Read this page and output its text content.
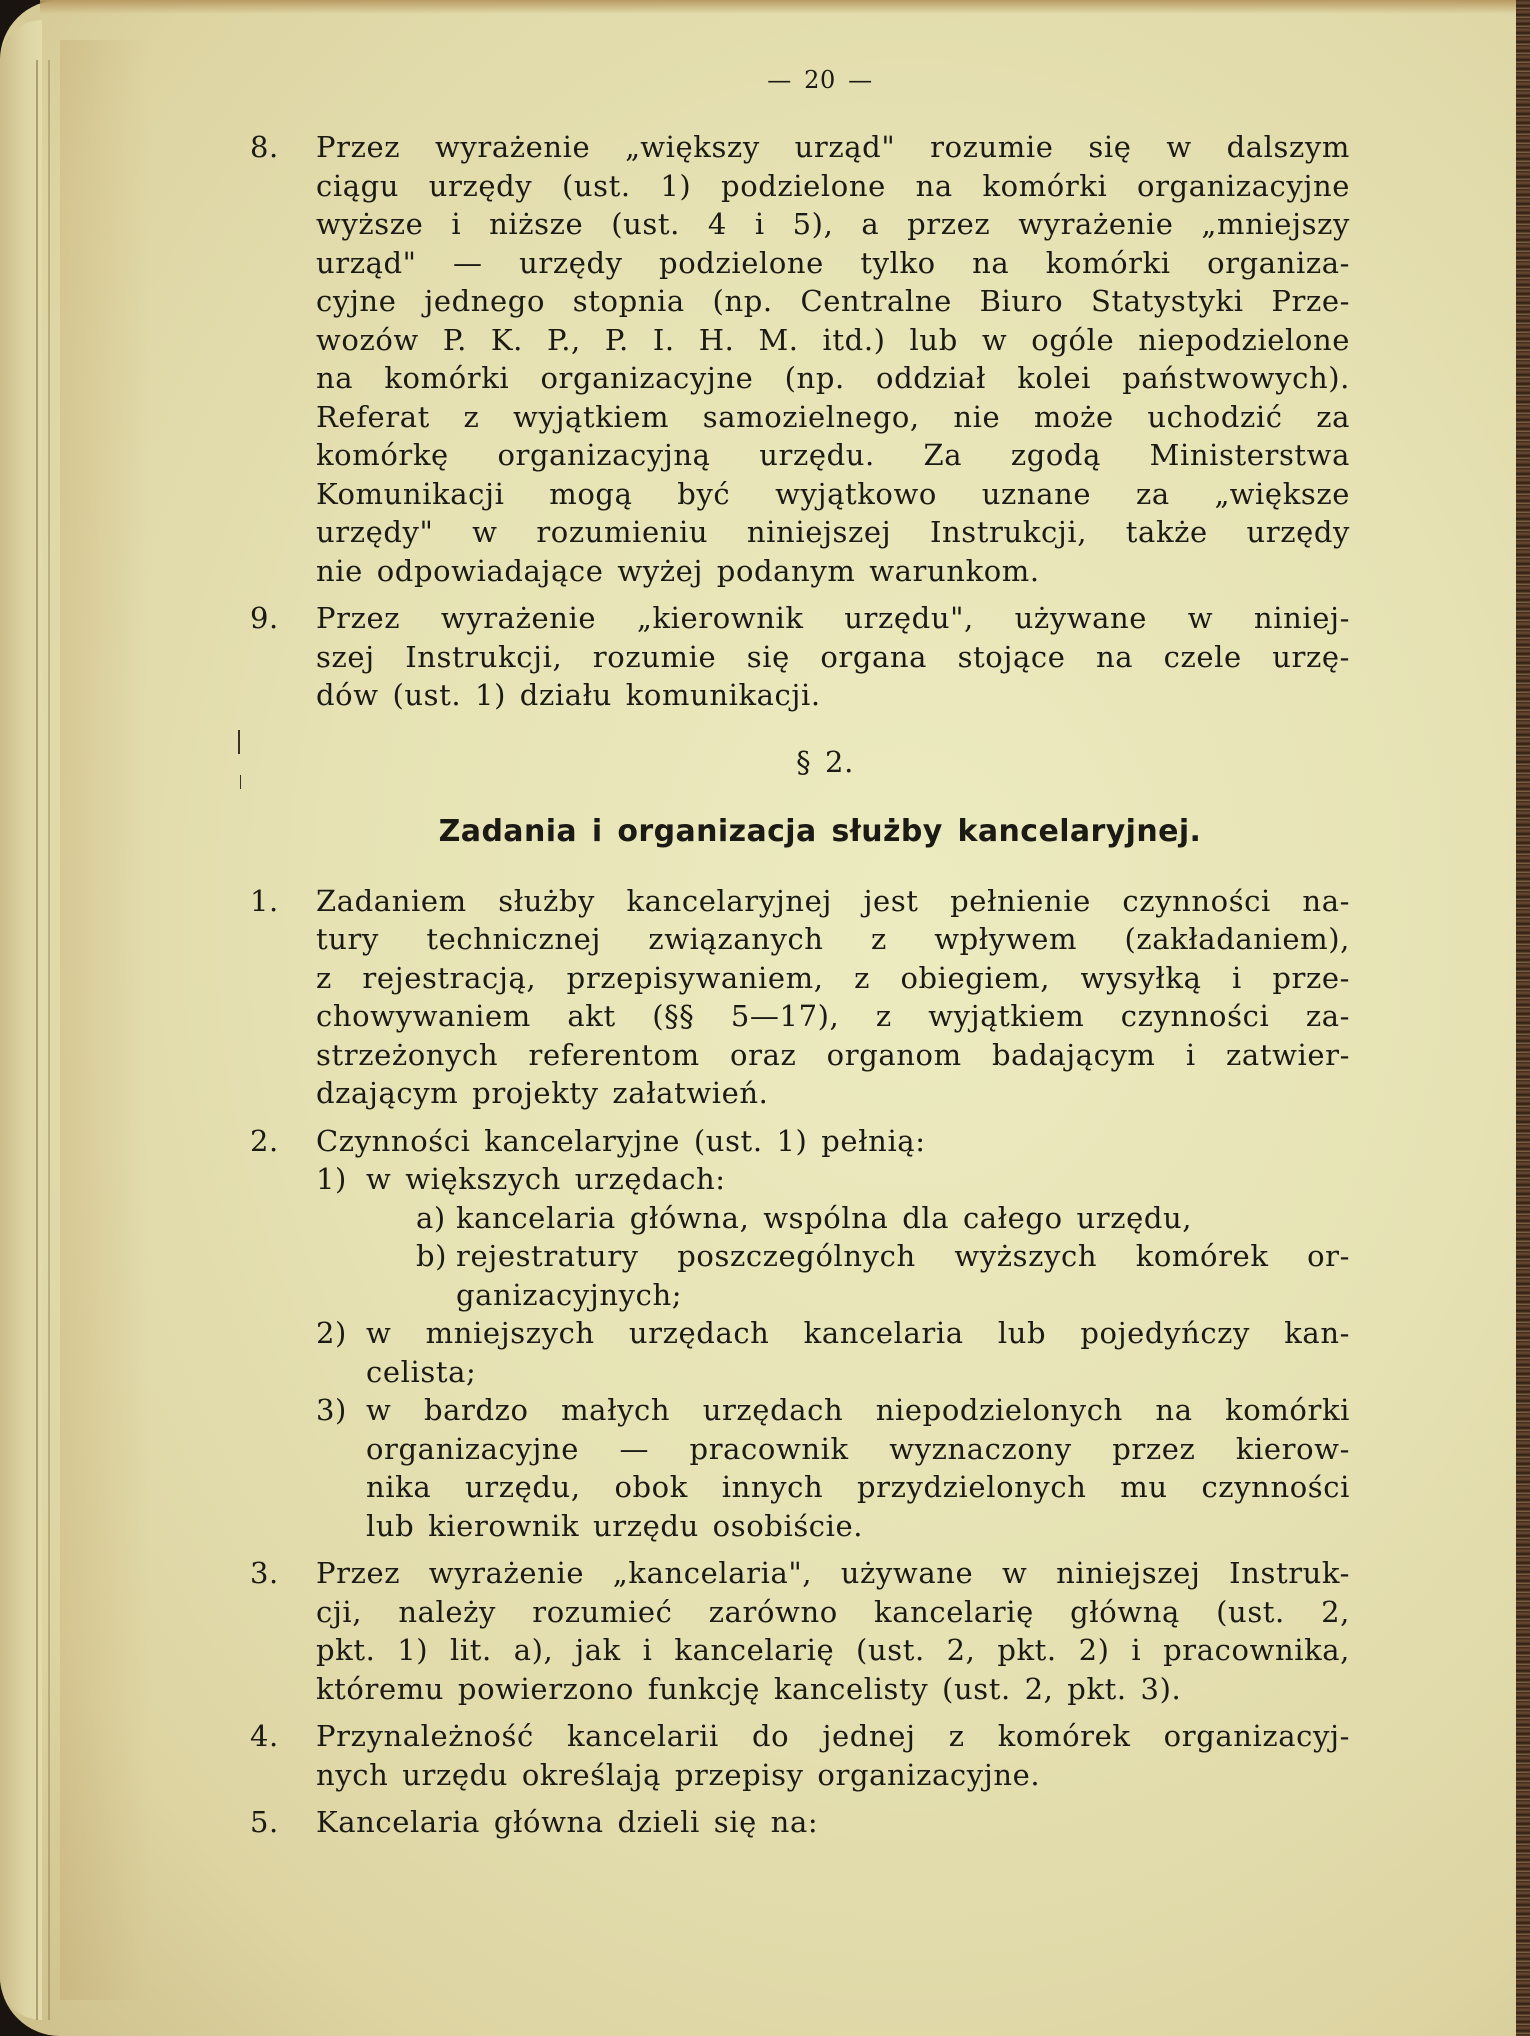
— 20 —
8. Przez wyrażenie „większy urząd" rozumie się w dalszym
ciągu urzędy (ust. 1) podzielone na komórki organizacyjne
wyższe i niższe (ust. 4 i 5), a przez wyrażenie „mniejszy
urząd" — urzędy podzielone tylko na komórki organiza-
cyjne jednego stopnia (np. Centralne Biuro Statystyki Prze-
wozów P. K. P., P. I. H. M. itd.) lub w ogóle niepodzielone
na komórki organizacyjne (np. oddział kolei państwowych).
Referat z wyjątkiem samozielnego, nie może uchodzić za
komórkę organizacyjną urzędu. Za zgodą Ministerstwa
Komunikacji mogą być wyjątkowo uznane za „większe
urzędy" w rozumieniu niniejszej Instrukcji, także urzędy
nie odpowiadające wyżej podanym warunkom.
9. Przez wyrażenie „kierownik urzędu", używane w niniej-
szej Instrukcji, rozumie się organa stojące na czele urzę-
dów (ust. 1) działu komunikacji.
§ 2.
Zadania i organizacja służby kancelaryjnej.
1. Zadaniem służby kancelaryjnej jest pełnienie czynności na-
tury technicznej związanych z wpływem (zakładaniem),
z rejestracją, przepisywaniem, z obiegiem, wysyłką i prze-
chowywaniem akt (§§ 5—17), z wyjątkiem czynności za-
strzeżonych referentom oraz organom badającym i zatwier-
dzającym projekty załatwień.
2. Czynności kancelaryjne (ust. 1) pełnią:
1) w większych urzędach:
a) kancelaria główna, wspólna dla całego urzędu,
b) rejestratury poszczególnych wyższych komórek or-
ganizacyjnych;
2) w mniejszych urzędach kancelaria lub pojedyńczy kan-
celista;
3) w bardzo małych urzędach niepodzielonych na komórki
organizacyjne — pracownik wyznaczony przez kierow-
nika urzędu, obok innych przydzielonych mu czynności
lub kierownik urzędu osobiście.
3. Przez wyrażenie „kancelaria", używane w niniejszej Instruk-
cji, należy rozumieć zarówno kancelarię główną (ust. 2,
pkt. 1) lit. a), jak i kancelarię (ust. 2, pkt. 2) i pracownika,
któremu powierzono funkcję kancelisty (ust. 2, pkt. 3).
4. Przynależność kancelarii do jednej z komórek organizacyj-
nych urzędu określają przepisy organizacyjne.
5. Kancelaria główna dzieli się na:
